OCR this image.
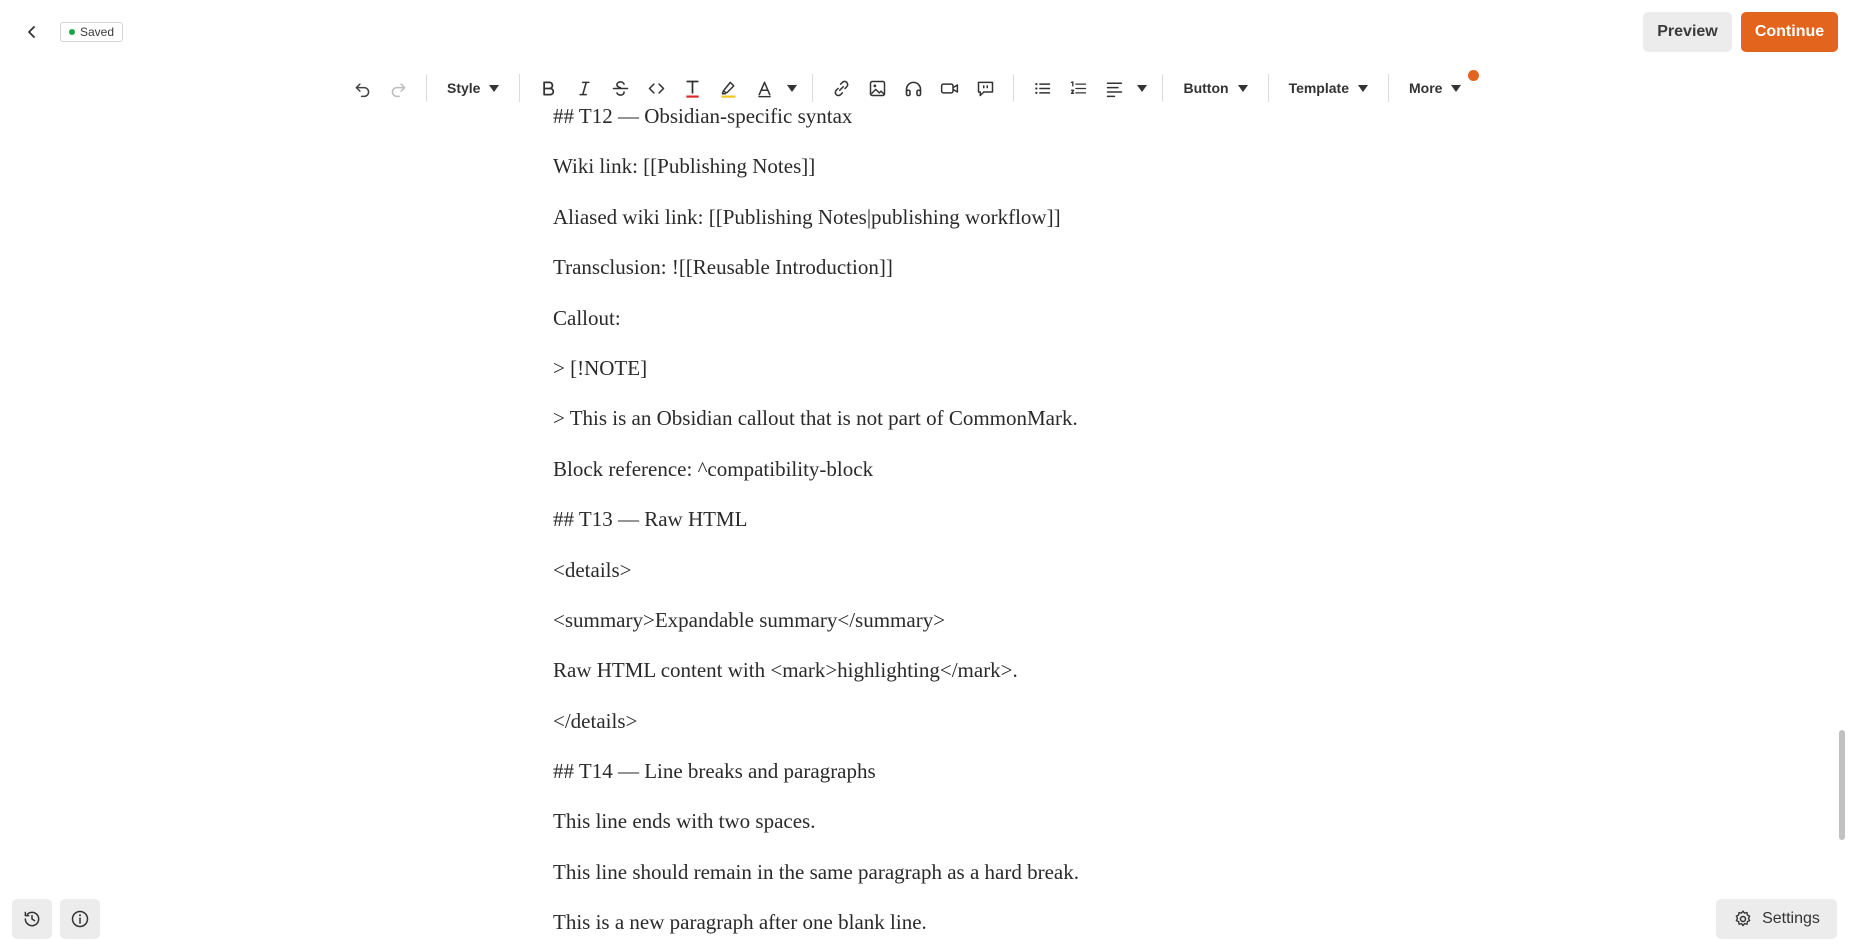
Saved	Preview	Continue
Style	Button	Template	More

## T12 — Obsidian-specific syntax

Wiki link: [[Publishing Notes]]

Aliased wiki link: [[Publishing Notes|publishing workflow]]

Transclusion: ![[Reusable Introduction]]

Callout:

> [!NOTE]

> This is an Obsidian callout that is not part of CommonMark.

Block reference: ^compatibility-block

## T13 — Raw HTML

<details>

<summary>Expandable summary</summary>

Raw HTML content with <mark>highlighting</mark>.

</details>

## T14 — Line breaks and paragraphs

This line ends with two spaces.

This line should remain in the same paragraph as a hard break.

This is a new paragraph after one blank line.	Settings
